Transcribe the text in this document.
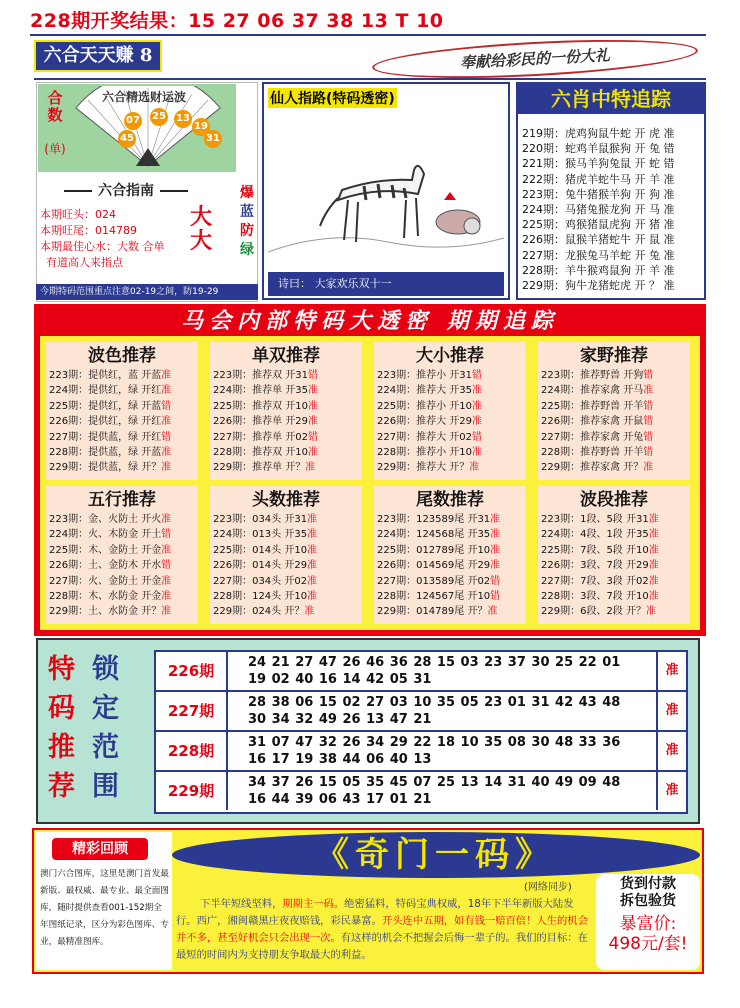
228期开奖结果：15 27 06 37 38 13 T 10
六合天天赚 8	奉献给彩民的一份大礼
合数
(单)
六合精选财运波
07 25 13
19
45	31
六合指南
本期旺头：024
本期旺尾：014789
本期最佳心水：大数 合单
有道高人来指点
大大
爆
蓝
防
绿
今期特码范围重点注意02-19之间，防19-29
仙人指路(特码透密)
诗曰： 大家欢乐双十一
六肖中特追踪
219期：虎鸡狗鼠牛蛇 开 虎 准
220期：蛇鸡羊鼠猴狗 开 兔 错
221期：猴马羊狗兔鼠 开 蛇 错
222期：猪虎羊蛇牛马 开 羊 准
223期：兔牛猪猴羊狗 开 狗 准
224期：马猪兔猴龙狗 开 马 准
225期：鸡猴猪鼠虎狗 开 猪 准
226期：鼠猴羊猪蛇牛 开 鼠 准
227期：龙猴兔马羊蛇 开 兔 准
228期：羊牛猴鸡鼠狗 开 羊 准
229期：狗牛龙猪蛇虎 开 ？ 准
马会内部特码大透密 期期追踪
波色推荐
223期：提供红，蓝 开蓝准
224期：提供红，绿 开红准
225期：提供红，绿 开蓝错
226期：提供红，绿 开红准
227期：提供蓝，绿 开红错
228期：提供蓝，绿 开蓝准
229期：提供蓝，绿 开？准
单双推荐
223期：推荐双 开31错
224期：推荐单 开35准
225期：推荐双 开10准
226期：推荐单 开29准
227期：推荐单 开02错
228期：推荐双 开10准
229期：推荐单 开？准
大小推荐
223期：推荐小 开31错
224期：推荐大 开35准
225期：推荐小 开10准
226期：推荐大 开29准
227期：推荐大 开02错
228期：推荐小 开10准
229期：推荐大 开？准
家野推荐
223期：推荐野兽 开狗错
224期：推荐家禽 开马准
225期：推荐野兽 开羊错
226期：推荐家禽 开鼠错
227期：推荐家禽 开兔错
228期：推荐野兽 开羊错
229期：推荐家禽 开？准
五行推荐
223期：金、火防土 开火准
224期：火、木防金 开土错
225期：木、金防土 开金准
226期：土、金防木 开水错
227期：火、金防土 开金准
228期：木、水防金 开金准
229期：土、水防金 开？准
头数推荐
223期：034头 开31准
224期：013头 开35准
225期：014头 开10准
226期：014头 开29准
227期：034头 开02准
228期：124头 开10准
229期：024头 开？准
尾数推荐
223期：123589尾 开31准
224期：124568尾 开35准
225期：012789尾 开10准
226期：014569尾 开29准
227期：013589尾 开02错
228期：124567尾 开10错
229期：014789尾 开？准
波段推荐
223期：1段、5段 开31准
224期：4段、1段 开35准
225期：7段、5段 开10准
226期：3段、7段 开29准
227期：7段、3段 开02准
228期：3段、7段 开10准
229期：6段、2段 开？准
特 锁 码 定 推 范 荐 围
226期	24 21 27 47 26 46 36 28 15 03 23 37 30 25 22 01
19 02 40 16 14 42 05 31
准
227期	28 38 06 15 02 27 03 10 35 05 23 01 31 42 43 48
30 34 32 49 26 13 47 21
准
228期	31 07 47 32 26 34 29 22 18 10 35 08 30 48 33 36
16 17 19 38 44 06 40 13
准
229期	34 37 26 15 05 35 45 07 25 13 14 31 40 49 09 48
16 44 39 06 43 17 01 21
准
精彩回顾
澳门六合图库，这里是澳门首发最新版、最权威、最专业、最全面图库，随时提供查看001-152期全年图纸记录，区分为彩色图库、专业，最精准图库。
《奇门一码》
(网络同步)
下半年短线坚料，期期主一码。绝密猛料，特码宝典权威，18年下半年新版大陆发行。西广，湘闽赣黑庄夜夜赔钱，彩民暴富。开头连中五期，如有钱一赔百倍！人生的机会并不多，甚至好机会只会出现一次。有这样的机会不把握会后悔一辈子的。我们的目标：在最短的时间内为支持朋友争取最大的利益。
货到付款
拆包验货
暴富价:
498元/套!
